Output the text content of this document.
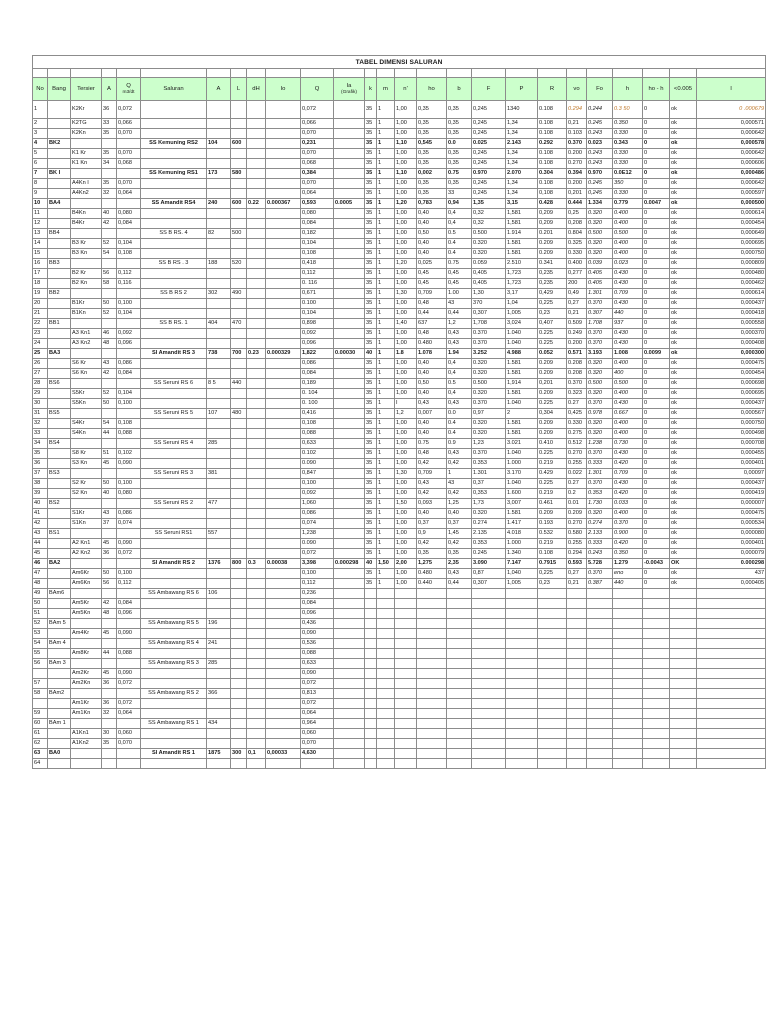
TABEL DIMENSI SALURAN																									

No	Bang	Tersier	A	Q
m3/dt	Saluran	A	L	dH	Io	Q	Ia
(Grafik)	k	m	n'	ho	b	F	P	R	vo	Fo	h	ho - h	<0.005	I

1		K2Kr	36	0,072						0,072		35	1	1,00	0,35	0,35	0,245	1340	0.108	0.294	0.244	0.3 50	0	ok	0 .000679
2		K2TG	33	0,066						0,066		35	1	1,00	0,35	0,35	0,245	1,34	0.108	0,21	0.245	0.350	0	ok	0,000571
3		K2Kn	35	0,070						0,070		35	1	1,00	0,35	0,35	0,245	1,34	0.108	0.103	0.243	0.330	0	ok	0,000642
4	BK2				SS Kemuning RS2	104	600			0,231		35	1	1,10	0,545	0.0	0.025	2.143	0.292	0.370	0.023	0.343	0	ok	0,000578
5		K1 Kr	35	0,070						0,070		35	1	1,00	0,35	0,35	0,245	1,34	0.108	0.200	0.243	0.330	0	ok	0,000642
6		K1 Kn	34	0,068						0,068		35	1	1,00	0,35	0,35	0,245	1,34	0.108	0.270	0.243	0.330	0	ok	0,000606
7	BK I				SS Kemuning RS1	173	580			0,384		35	1	1,10	0,002	0.75	0.970	2.070	0.304	0.394	0.970	0.0E12	0	ok	0,000486
8		A4Kn I	35	0,070						0,070		35	1	1,00	0,35	0,35	0,245	1,34	0.108	0.200	0.245	350	0	ok	0,000642
9		A4Kn2	32	0,064						0,064		35	1	1,00	0,35	33	0,245	1,34	0,108	0,201	0,245	0.330	0	ok	0,000597
10	BA4				SS Amandit RS4	240	600	0.22	0.000367	0,593	0.0005	35	1	1,20	0,783	0,94	1,35	3,15	0.428	0.444	1.334	0.779	0.0047	ok	0,000500
11		B4Kn	40	0,080						0,080		35	1	1,00	0,40	0,4	0,32	1,581	0,209	0,25	0.320	0.400	0	ok	0,000614
12		B4Kr	42	0,084						0,084		35	1	1,00	0,40	0,4	0,32	1,581	0,209	0,208	0.320	0.400	0	ok	0,000454
13	BB4				SS B RS. 4	82	500			0,182		35	1	1,00	0,50	0.5	0.500	1.914	0.201	0.804	0.500	0.500	0	ok	0,000649
14		B3 Kr	52	0,104						0,104		35	1	1,00	0,40	0.4	0.320	1.581	0.209	0.325	0.320	0.400	0	ok	0,000695
15		B3 Kn	54	0,108						0,108		35	1	1,00	0,40	0.4	0.320	1.581	0.209	0.330	0.320	0.400	0	ok	0,000750
16	BB3				SS B RS . 3	188	520			0,418		35	1	1,20	0,025	0.75	0.059	2.510	0.341	0.400	0.039	0.023	0	ok	0,000809
17		B2 Kr	56	0,112						0,112		35	1	1,00	0,45	0,45	0,405	1,723	0,235	0,277	0.405	0.430	0	ok	0,000480
18		B2 Kn	58	0,116						0. 116		35	1	1,00	0,45	0,45	0,405	1,723	0,235	200	0.405	0.430	0	ok	0,000462
19	BB2				SS B RS 2	302	490			0,671		35	1	1,30	0,709	1.00	1,30	3,17	0,429	0,49	1.301	0.709	0	ok	0,000614
20		B1Kr	50	0,100						0.100		35	1	1,00	0,48	43	370	1,04	0,225	0,27	0.370	0.430	0	ok	0,000437
21		B1Kn	52	0,104						0,104		35	1	1,00	0,44	0,44	0,307	1,005	0,23	0,21	0.307	440	0	ok	0,000418
22	BB1				SS B RS. 1	404	470			0,898		35	1	1,40	637	1,2	1,708	3,024	0,407	0.509	1.708	937	0	ok	0,000558
23		A3 Kn1	46	0,092						0,092		35	1	1,00	0,48	0,43	0.370	1.040	0.225	0.249	0.370	0.430	0	ok	0,000370
24		A3 Kn2	48	0,096						0,096		35	1	1,00	0.480	0,43	0.370	1.040	0.225	0.200	0.370	0.430	0	ok	0,000408
25	BA3				SI Amandit RS 3	738	700	0.23	0.000329	1,822	0.00030	40	1	1.8	1.078	1.94	3.252	4.988	0.052	0.571	3.193	1.008	0.0099	ok	0,000300
26		S6 Kr	43	0,086						0,086		35	1	1,00	0,40	0,4	0.320	1.581	0.209	0.208	0.320	0.400	0	ok	0,000475
27		S6 Kn	42	0,084						0,084		35	1	1,00	0,40	0,4	0.320	1.581	0.209	0.208	0.320	400	0	ok	0,000454
28	BS6				SS Seruni RS 6	8 5	440			0,189		35	1	1,00	0,50	0.5	0.500	1,914	0,201	0.370	0.500	0.500	0	ok	0,000698
29		S5Kr	52	0,104						0. 104		35	1	1,00	0,40	0,4	0.320	1.581	0.209	0.323	0.320	0.400	0	ok	0,000695
30		S5Kn	50	0,100						0. 100		35	1	I	0,43	0,43	0.370	1.040	0.225	0.27	0.370	0.430	0	ok	0,000437
31	BS5				SS Seruni RS 5	107	480			0,416		35	1	1,2	0,007	0.0	0,97	2	0,304	0,425	0.978	0.667	0	ok	0,000567
32		S4Kr	54	0,108						0,108		35	1	1,00	0,40	0.4	0.320	1.581	0.209	0.330	0.320	0.400	0	ok	0,000750
33		S4Kn	44	0,088						0,088		35	1	1,00	0,40	0.4	0.320	1.581	0.209	0.275	0.320	0.400	0	ok	0,000498
34	BS4				SS Seruni RS 4	285				0,633		35	1	1,00	0.75	0.9	1,23	3.021	0.410	0.512	1.238	0.730	0	ok	0,000708
35		S8 Kr	51	0,102						0.102		35	1	1,00	0,48	0,43	0.370	1.040	0.225	0.270	0.370	0.430	0	ok	0,000455
36		S3 Kn	45	0,090						0.090		35	1	1,00	0,42	0,42	0.353	1.000	0.219	0.255	0.333	0.420	0	ok	0,000401
37	BS3				SS Seruni RS 3	381				0,847		35	1	1,30	0,709	1	1.301	3.170	0.429	0.022	1.301	0.709	0	ok	0,00097
38		S2 Kr	50	0,100						0,100		35	1	1,00	0,43	43	0,37	1.040	0.225	0.27	0.370	0.430	0	ok	0,000437
39		S2 Kn	40	0,080						0,092		35	1	1,00	0,42	0,42	0,353	1.600	0.219	0.2	0.353	0.420	0	ok	0,000419
40	BS2				SS Seruni RS 2	477				1,060		35	1	1,50	0,093	1,25	1,73	3,007	0.461	0.01	1.730	0.033	0	ok	0,000007
41		S1Kr	43	0,086						0,086		35	1	1,00	0,40	0,40	0.320	1.581	0.209	0.209	0.320	0.400	0	ok	0,000475
42		S1Kn	37	0,074						0,074		35	1	1,00	0,37	0,37	0.274	1.417	0.193	0.270	0.274	0.370	0	ok	0,000534
43	BS1				SS Seruni RS1	557				1,238		35	1	1,00	0,9	1,45	2.135	4.018	0.532	0.580	2.133	0.900	0	ok	0,000080
44		A2 Kn1	45	0,090						0.090		35	1	1,00	0,42	0,42	0.353	1.000	0.219	0.255	0.333	0.420	0	ok	0,000401
45		A2 Kn2	36	0,072						0,072		35	1	1,00	0,35	0,35	0.245	1.340	0.108	0.294	0.243	0.350	0	ok	0,000079
46	BA2				SI Amandit RS 2	1376	800	0.3	0.00038	3,398	0.000298	40	1,50	2,00	1,275	2,35	3.090	7.147	0.7915	0.593	5.728	1.279	-0.0043	OK	0.000298
47		Am6Kr	50	0,100						0,100		35	1	1,00	0.480	0,43	0,87	1,040	0,225	0,27	0.370	eno	0	ok	437
48		Am6Kn	56	0,112						0,112		35	1	1,00	0.440	0,44	0,307	1,005	0,23	0,21	0.387	440	0	ok	0,000405
49	BAm6				SS Ambawang RS 6	106				0,236															
50		Am5Kr	42	0,084						0,084															
51		Am5Kn	48	0,096						0,096															
52	BAm 5				SS Ambawang RS 5	196				0,436															
53		Am4Kr	45	0,090						0,090															
54	BAm 4				SS Ambawang RS 4	241				0,536															
55		Am8Kr	44	0,088						0,088															
56	BAm 3				SS Ambawang RS 3	285				0,633															
		Am2Kr	45	0,090						0,090															
57		Am2Kn	36	0,072						0,072															
58	BAm2				SS Ambawang RS 2	366				0,813															
		Am1Kr	36	0,072						0,072															
59		Am1Kn	32	0,064						0,064															
60	BAm 1				SS Ambawang RS 1	434				0,964															
61		A1Kn1	30	0,060						0,060															
62		A1Kn2	35	0,070						0,070															
63	BA0				SI Amandit RS 1	1875	300	0,1	0,00033	4,630															
64																									
